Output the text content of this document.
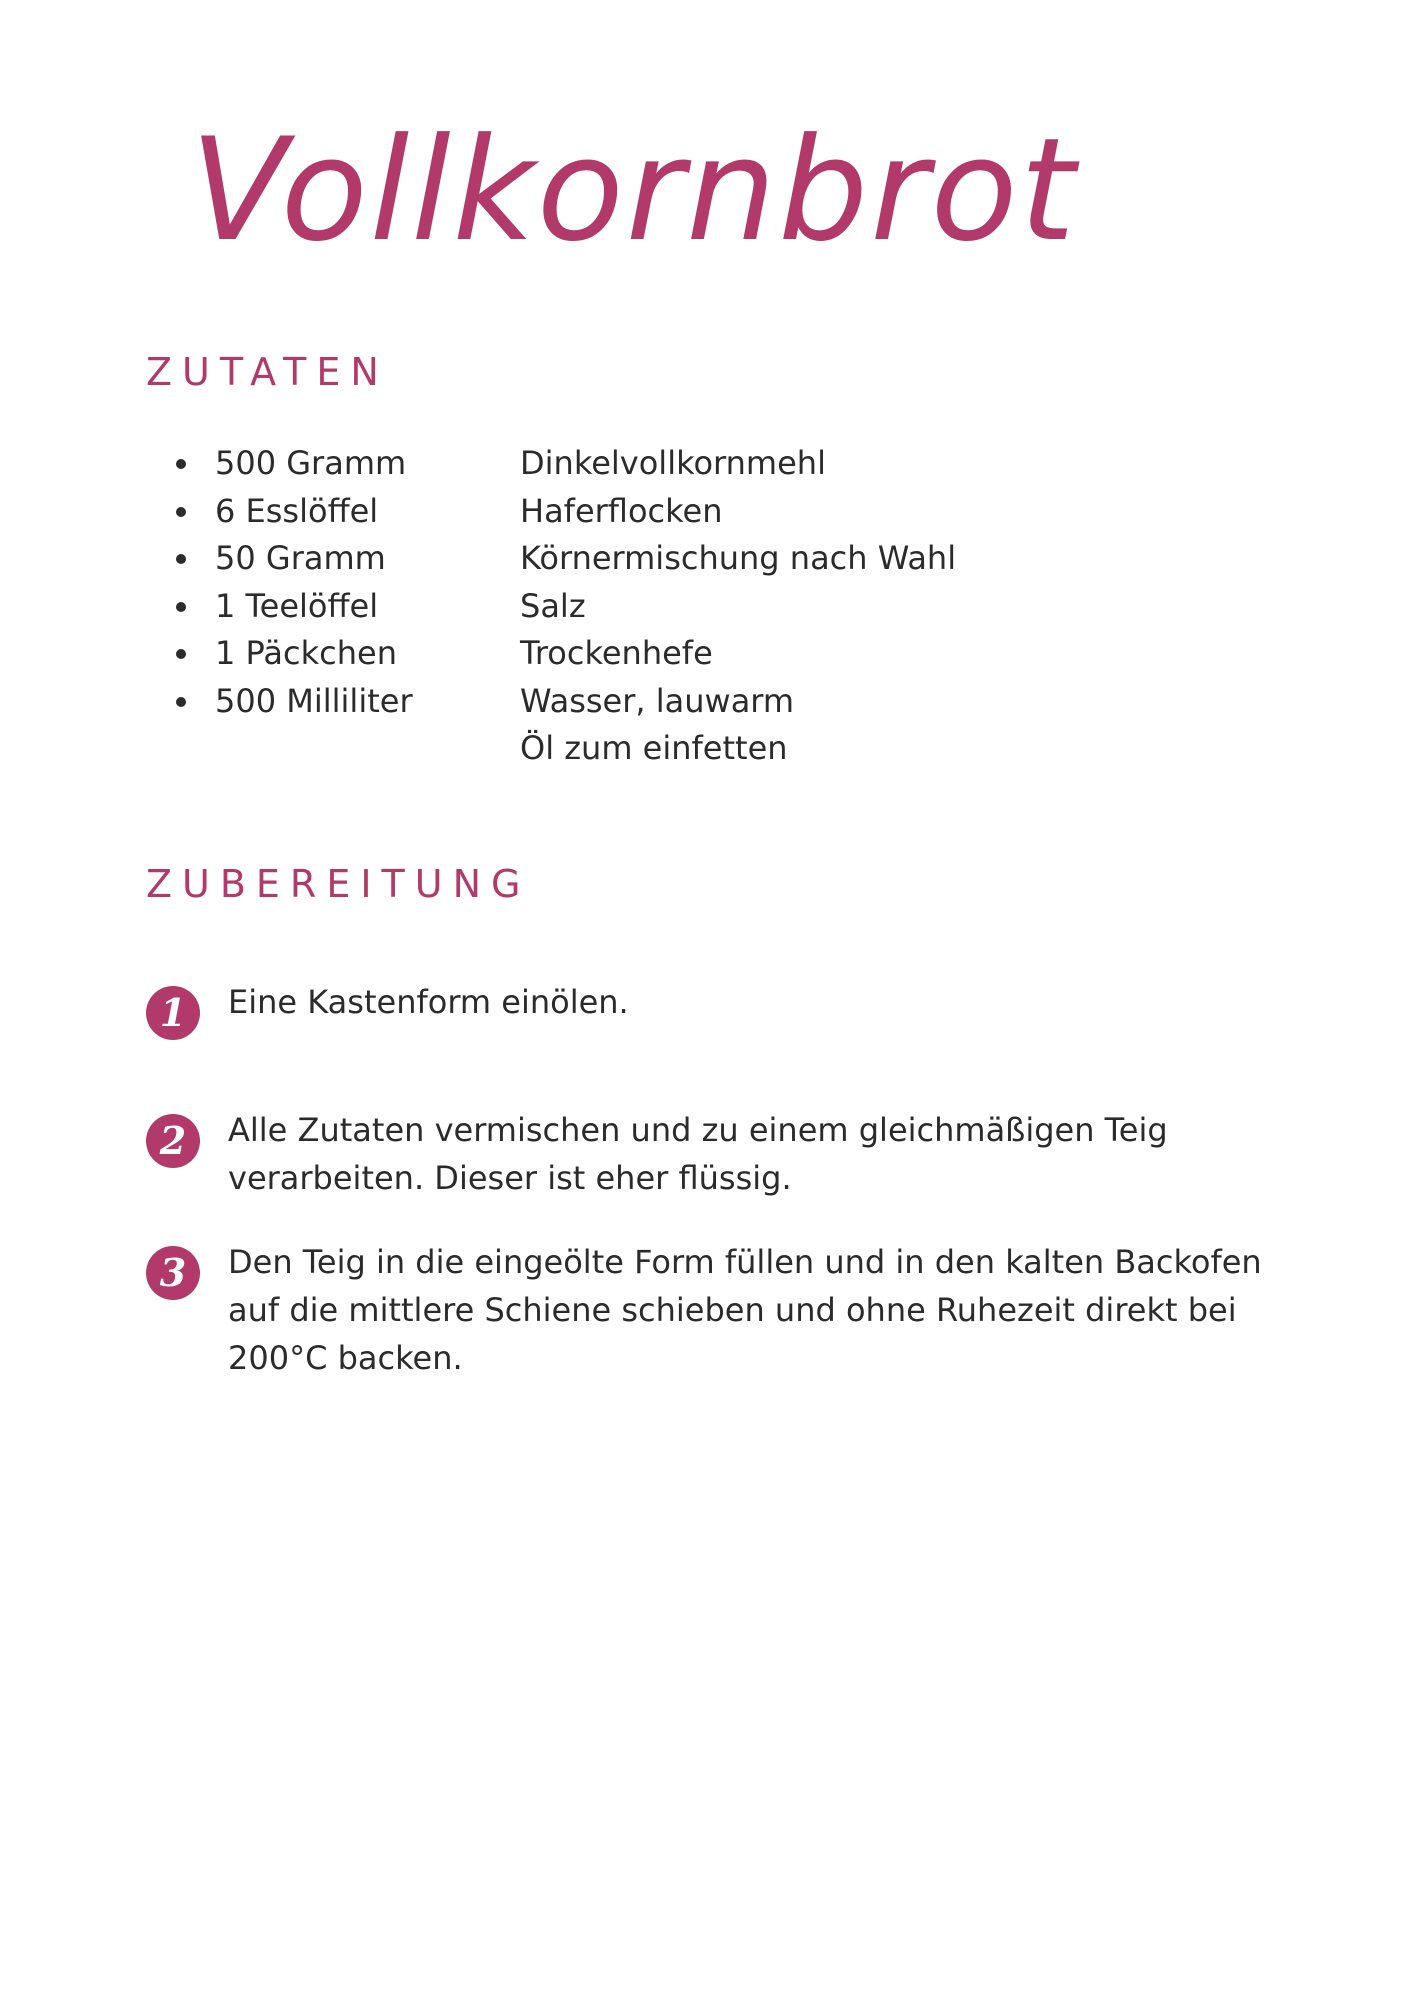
Vollkornbrot
ZUTATEN
500 Gramm	Dinkelvollkornmehl
6 Esslöffel	Haferflocken
50 Gramm	Körnermischung nach Wahl
1 Teelöffel	Salz
1 Päckchen	Trockenhefe
500 Milliliter	Wasser, lauwarm
Öl zum einfetten
ZUBEREITUNG
1	Eine Kastenform einölen.
2	Alle Zutaten vermischen und zu einem gleichmäßigen Teig verarbeiten. Dieser ist eher flüssig.
3	Den Teig in die eingeölte Form füllen und in den kalten Backofen auf die mittlere Schiene schieben und ohne Ruhezeit direkt bei 200°C backen.
